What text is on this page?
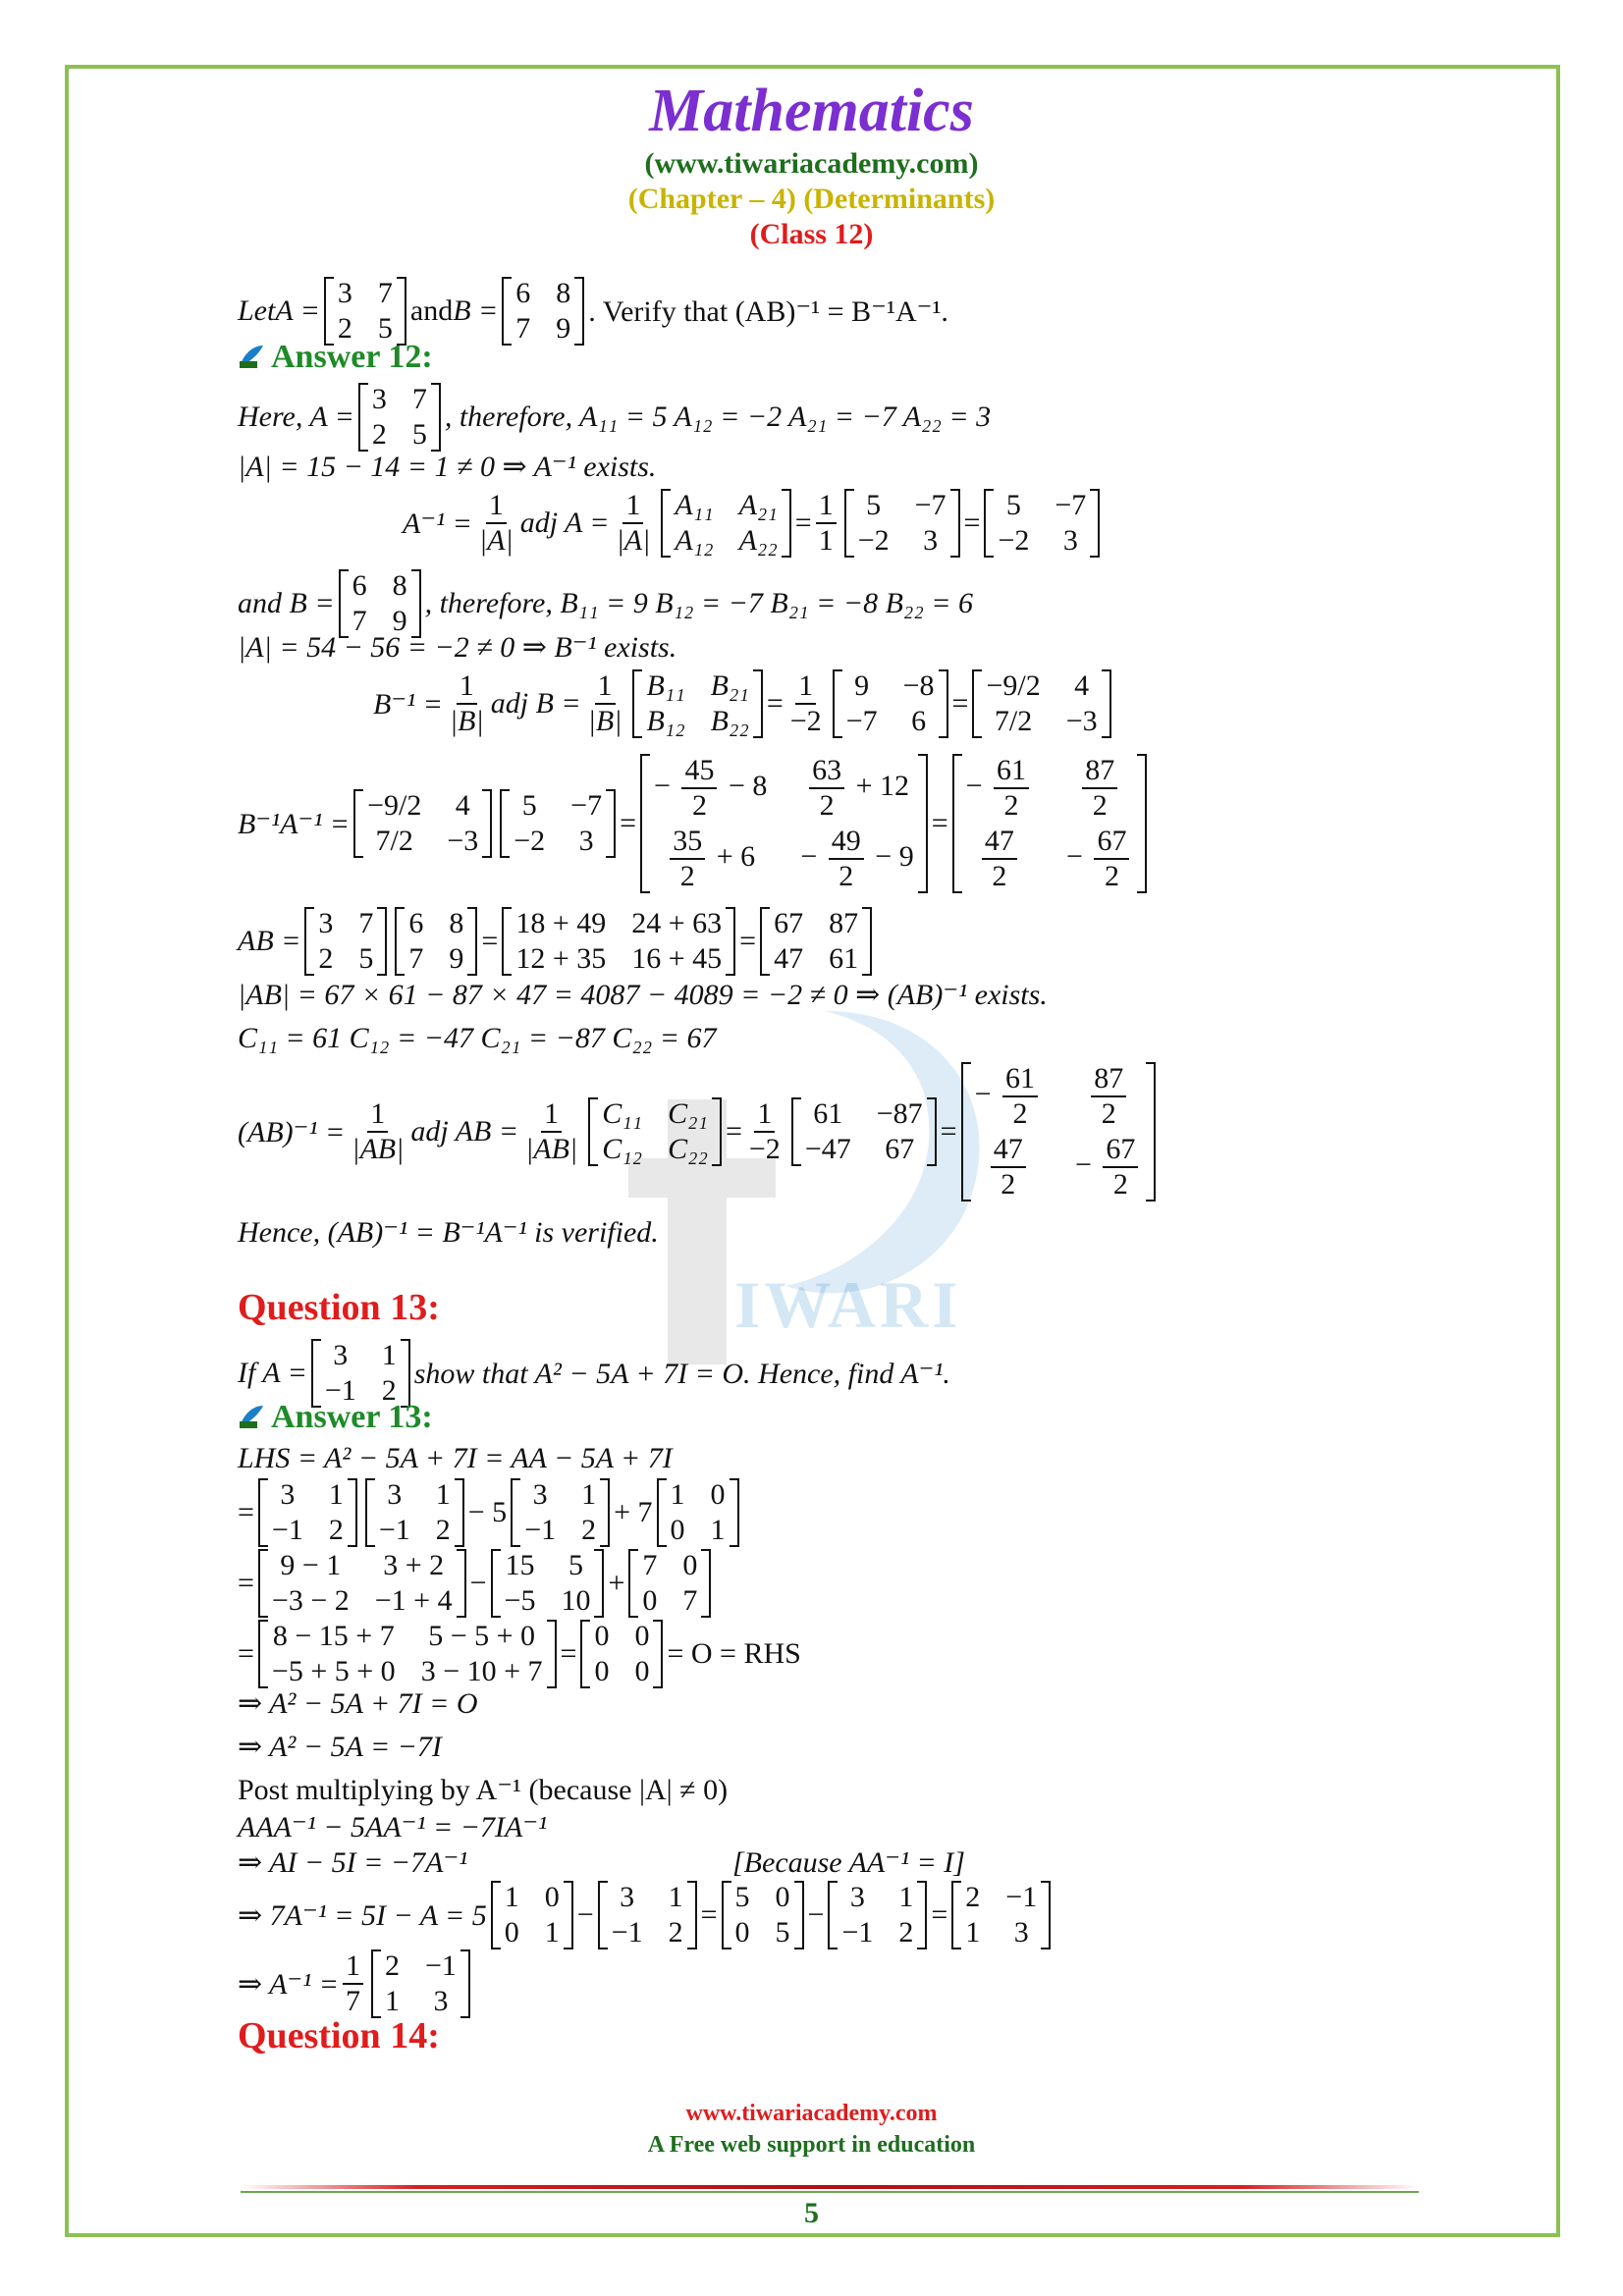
Mathematics
(www.tiwariacademy.com)
(Chapter – 4) (Determinants)
(Class 12)
IWARI
Let A =
3 7
2 5
and B =
6 8
7 9
. Verify that (AB)⁻¹ = B⁻¹A⁻¹.
Answer 12:
Here, A =
3 7
2 5
, therefore, A₁₁ = 5 A₁₂ = −2 A₂₁ = −7 A₂₂ = 3
|A| = 15 − 14 = 1 ≠ 0 ⇒ A⁻¹ exists.
$A^{-1} = \frac{1}{|A|}$ adj $A = \frac{1}{|A|} A_{11}$ A₂₁
A₁₂ A₂₂
= $\frac{1}{1} 5 -7$
−2 3
=
5 −7
−2 3
and B =
6 8
7 9
, therefore, B₁₁ = 9 B₁₂ = −7 B₂₁ = −8 B₂₂ = 6
|A| = 54 − 56 = −2 ≠ 0 ⇒ B⁻¹ exists.
$B^{-1} = \frac{1}{|B|}$ adj $B = \frac{1}{|B|} B_{11}$ B₂₁
B₁₂ B₂₂
= $\frac{1}{-2} 9 -8$
−7 6
=
−9/2 4
7/2 −3
B⁻¹A⁻¹ =
−9/2 4
7/2 −3
5 −7
−2 3
=
− $\frac{45}{2} - 8 \frac{63}{2} + 12$
$\frac{35}{2} + 6$	− $\frac{49}{2} - 9$
=
− $\frac{61}{2} \frac{87}{2}$
$\frac{47}{2} - \frac{67}{2}$
AB =
3 7
2 5
6 8
7 9
=
18 + 49 24 + 63
12 + 35 16 + 45
=
67 87
47 61
|AB| = 67 × 61 − 87 × 47 = 4087 − 4089 = −2 ≠ 0 ⇒ (AB)⁻¹ exists.
C₁₁ = 61 C₁₂ = −47 C₂₁ = −87 C₂₂ = 67
$(AB)^{-1} = \frac{1}{|AB|}$ adj AB = $\frac{1}{|AB|} C_{11}$ C₂₁
C₁₂ C₂₂
= $\frac{1}{-2} 61 -87$
−47 67
=
− $\frac{61}{2} \frac{87}{2}$
$\frac{47}{2} - \frac{67}{2}$
Hence, (AB)⁻¹ = B⁻¹A⁻¹ is verified.
Question 13:
If A =
3 1
−1 2
show that A² − 5A + 7I = O. Hence, find A⁻¹.
Answer 13:
LHS = A² − 5A + 7I = AA − 5A + 7I
=
3 1
−1 2
3 1
−1 2
− 5
3 1
−1 2
+ 7
1 0
0 1
=
9 − 1 3 + 2
−3 − 2 −1 + 4
−
15 5
−5 10
+
7 0
0 7
=
8 − 15 + 7 5 − 5 + 0
−5 + 5 + 0 3 − 10 + 7
=
0 0
0 0
= O = RHS
⇒ A² − 5A + 7I = O
⇒ A² − 5A = −7I
Post multiplying by A⁻¹ (because |A| ≠ 0)
AAA⁻¹ − 5AA⁻¹ = −7IA⁻¹
⇒ AI − 5I = −7A⁻¹	[Because AA⁻¹ = I]
⇒ 7A⁻¹ = 5I − A = 5
1 0
0 1
−
3 1
−1 2
=
5 0
0 5
−
3 1
−1 2
=
2 −1
1 3
⇒ $A^{-1} = \frac{1}{7} 2 -1$
1 3
Question 14:
www.tiwariacademy.com
A Free web support in education
5
